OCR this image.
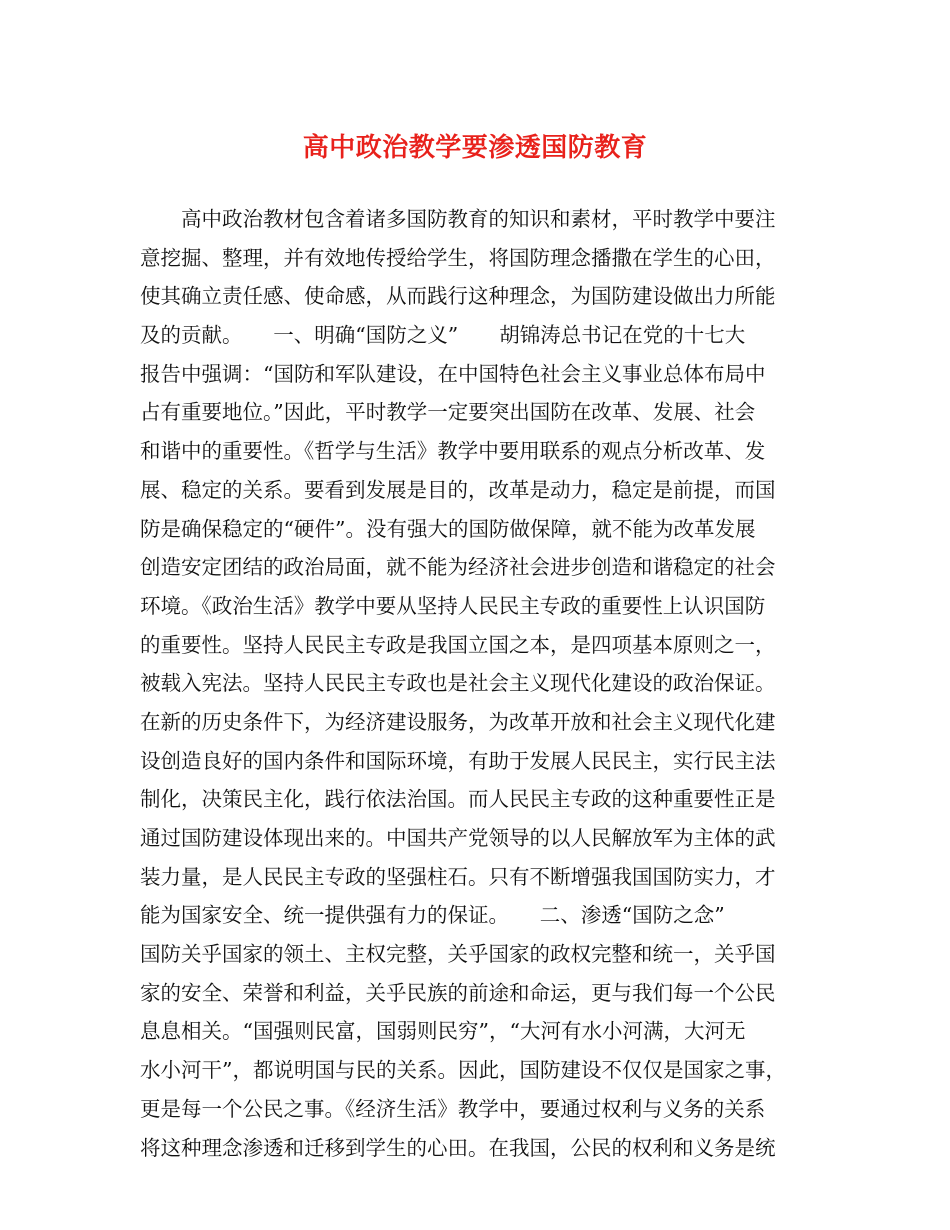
高中政治教学要渗透国防教育
　　高中政治教材包含着诸多国防教育的知识和素材，平时教学中要注
意挖掘、整理，并有效地传授给学生，将国防理念播撒在学生的心田，
使其确立责任感、使命感，从而践行这种理念，为国防建设做出力所能
及的贡献。　　一、明确“国防之义”　　胡锦涛总书记在党的十七大
报告中强调：“国防和军队建设，在中国特色社会主义事业总体布局中
占有重要地位。”因此，平时教学一定要突出国防在改革、发展、社会
和谐中的重要性。《哲学与生活》教学中要用联系的观点分析改革、发
展、稳定的关系。要看到发展是目的，改革是动力，稳定是前提，而国
防是确保稳定的“硬件”。没有强大的国防做保障，就不能为改革发展
创造安定团结的政治局面，就不能为经济社会进步创造和谐稳定的社会
环境。《政治生活》教学中要从坚持人民民主专政的重要性上认识国防
的重要性。坚持人民民主专政是我国立国之本，是四项基本原则之一，
被载入宪法。坚持人民民主专政也是社会主义现代化建设的政治保证。
在新的历史条件下，为经济建设服务，为改革开放和社会主义现代化建
设创造良好的国内条件和国际环境，有助于发展人民民主，实行民主法
制化，决策民主化，践行依法治国。而人民民主专政的这种重要性正是
通过国防建设体现出来的。中国共产党领导的以人民解放军为主体的武
装力量，是人民民主专政的坚强柱石。只有不断增强我国国防实力，才
能为国家安全、统一提供强有力的保证。　　二、渗透“国防之念”
国防关乎国家的领土、主权完整，关乎国家的政权完整和统一，关乎国
家的安全、荣誉和利益，关乎民族的前途和命运，更与我们每一个公民
息息相关。“国强则民富，国弱则民穷”，“大河有水小河满，大河无
水小河干”，都说明国与民的关系。因此，国防建设不仅仅是国家之事，
更是每一个公民之事。《经济生活》教学中，要通过权利与义务的关系
将这种理念渗透和迁移到学生的心田。在我国，公民的权利和义务是统
